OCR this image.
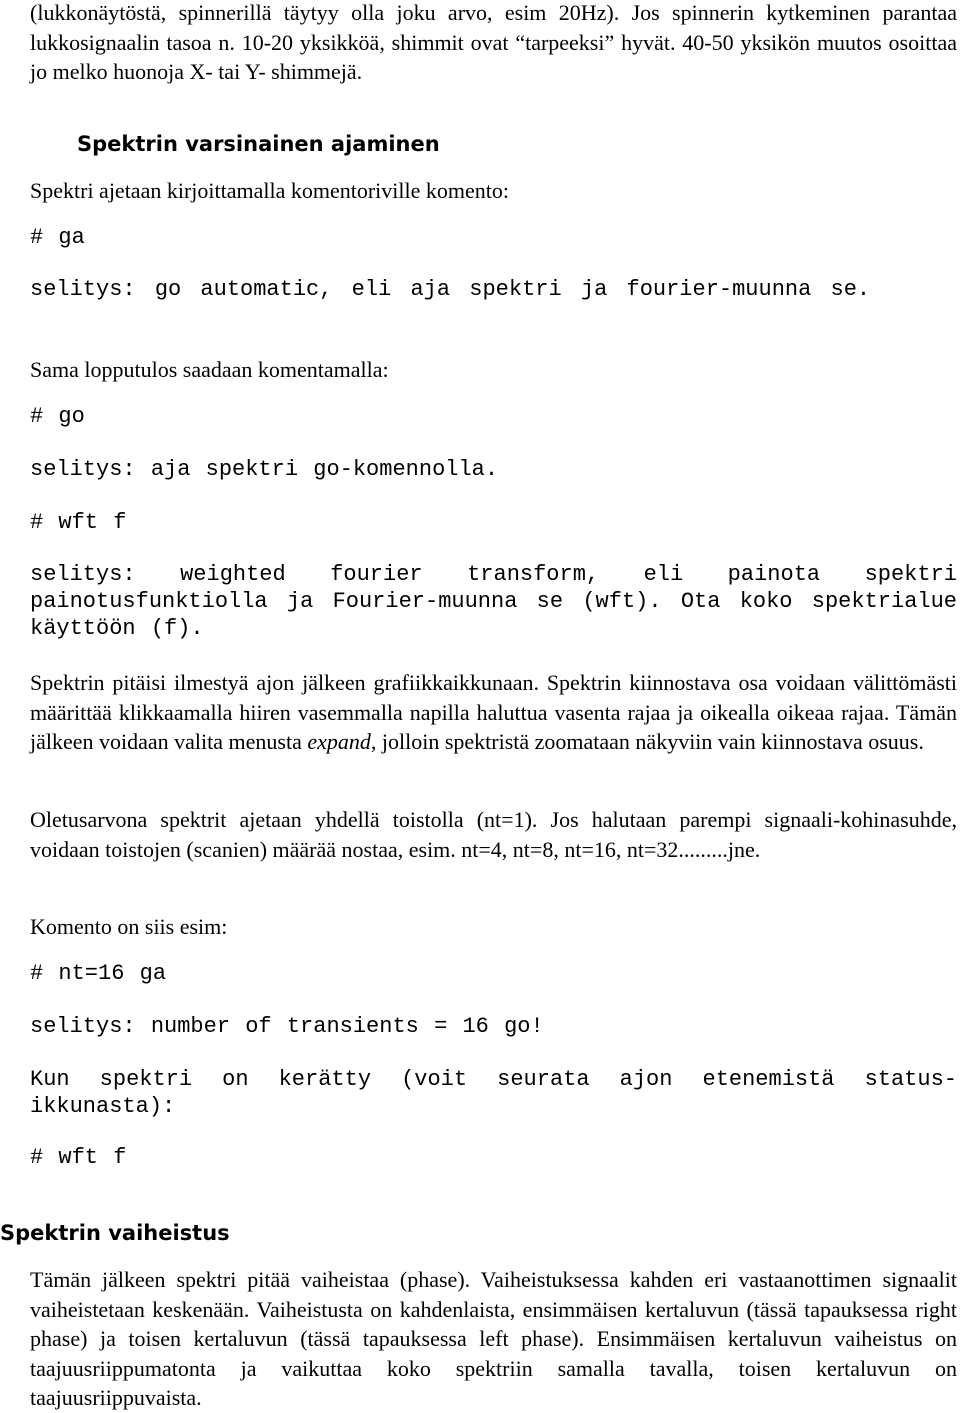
(lukkonäytöstä, spinnerillä täytyy olla joku arvo, esim 20Hz). Jos spinnerin kytkeminen parantaa lukkosignaalin tasoa n. 10-20 yksikköä, shimmit ovat “tarpeeksi” hyvät. 40-50 yksikön muutos osoittaa jo melko huonoja X- tai Y- shimmejä.

Spektrin varsinainen ajaminen

Spektri ajetaan kirjoittamalla komentoriville komento:

# ga

selitys: go automatic, eli aja spektri ja fourier-muunna se.

Sama lopputulos saadaan komentamalla:

# go

selitys: aja spektri go-komennolla.

# wft f

selitys: weighted fourier transform, eli painota spektri painotusfunktiolla ja Fourier-muunna se (wft). Ota koko spektrialue käyttöön (f).

Spektrin pitäisi ilmestyä ajon jälkeen grafiikkaikkunaan. Spektrin kiinnostava osa voidaan välittömästi määrittää klikkaamalla hiiren vasemmalla napilla haluttua vasenta rajaa ja oikealla oikeaa rajaa. Tämän jälkeen voidaan valita menusta expand, jolloin spektristä zoomataan näkyviin vain kiinnostava osuus.

Oletusarvona spektrit ajetaan yhdellä toistolla (nt=1). Jos halutaan parempi signaali-kohinasuhde, voidaan toistojen (scanien) määrää nostaa, esim. nt=4, nt=8, nt=16, nt=32.........jne.

Komento on siis esim:

# nt=16 ga

selitys: number of transients = 16 go!

Kun spektri on kerätty (voit seurata ajon etenemistä status-ikkunasta):

# wft f

Spektrin vaiheistus

Tämän jälkeen spektri pitää vaiheistaa (phase). Vaiheistuksessa kahden eri vastaanottimen signaalit vaiheistetaan keskenään. Vaiheistusta on kahdenlaista, ensimmäisen kertaluvun (tässä tapauksessa right phase) ja toisen kertaluvun (tässä tapauksessa left phase). Ensimmäisen kertaluvun vaiheistus on taajuusriippumatonta ja vaikuttaa koko spektriin samalla tavalla, toisen kertaluvun on taajuusriippuvaista.
